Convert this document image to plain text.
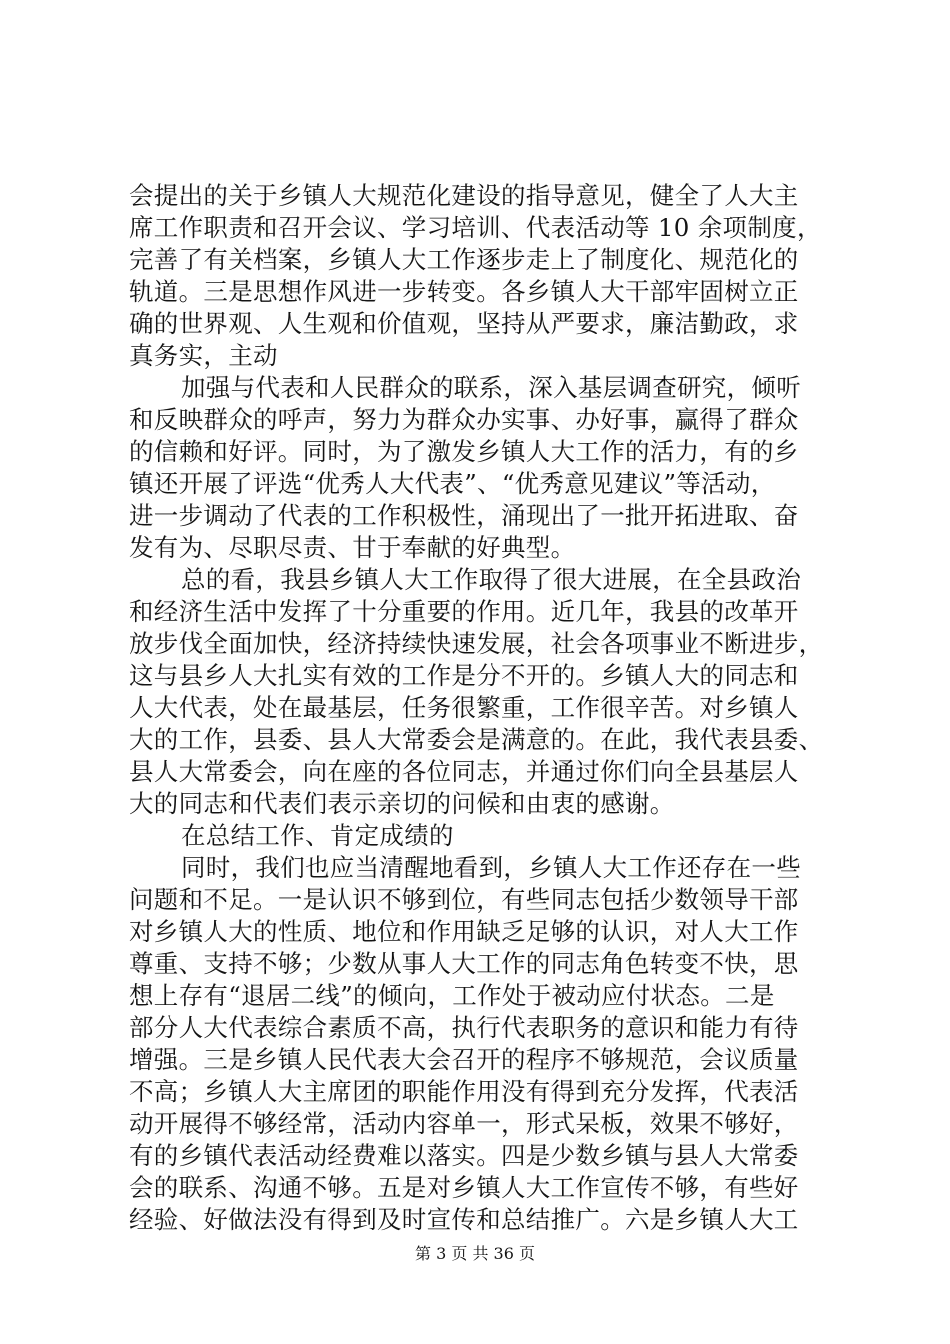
会提出的关于乡镇人大规范化建设的指导意见，健全了人大主
席工作职责和召开会议、学习培训、代表活动等 10 余项制度，
完善了有关档案，乡镇人大工作逐步走上了制度化、规范化的
轨道。三是思想作风进一步转变。各乡镇人大干部牢固树立正
确的世界观、人生观和价值观，坚持从严要求，廉洁勤政，求
真务实，主动
加强与代表和人民群众的联系，深入基层调查研究，倾听
和反映群众的呼声，努力为群众办实事、办好事，赢得了群众
的信赖和好评。同时，为了激发乡镇人大工作的活力，有的乡
镇还开展了评选“优秀人大代表”、“优秀意见建议”等活动，
进一步调动了代表的工作积极性，涌现出了一批开拓进取、奋
发有为、尽职尽责、甘于奉献的好典型。
总的看，我县乡镇人大工作取得了很大进展，在全县政治
和经济生活中发挥了十分重要的作用。近几年，我县的改革开
放步伐全面加快，经济持续快速发展，社会各项事业不断进步，
这与县乡人大扎实有效的工作是分不开的。乡镇人大的同志和
人大代表，处在最基层，任务很繁重，工作很辛苦。对乡镇人
大的工作，县委、县人大常委会是满意的。在此，我代表县委、
县人大常委会，向在座的各位同志，并通过你们向全县基层人
大的同志和代表们表示亲切的问候和由衷的感谢。
在总结工作、肯定成绩的
同时，我们也应当清醒地看到，乡镇人大工作还存在一些
问题和不足。一是认识不够到位，有些同志包括少数领导干部
对乡镇人大的性质、地位和作用缺乏足够的认识，对人大工作
尊重、支持不够；少数从事人大工作的同志角色转变不快，思
想上存有“退居二线”的倾向，工作处于被动应付状态。二是
部分人大代表综合素质不高，执行代表职务的意识和能力有待
增强。三是乡镇人民代表大会召开的程序不够规范，会议质量
不高；乡镇人大主席团的职能作用没有得到充分发挥，代表活
动开展得不够经常，活动内容单一，形式呆板，效果不够好，
有的乡镇代表活动经费难以落实。四是少数乡镇与县人大常委
会的联系、沟通不够。五是对乡镇人大工作宣传不够，有些好
经验、好做法没有得到及时宣传和总结推广。六是乡镇人大工
第 3 页 共 36 页
